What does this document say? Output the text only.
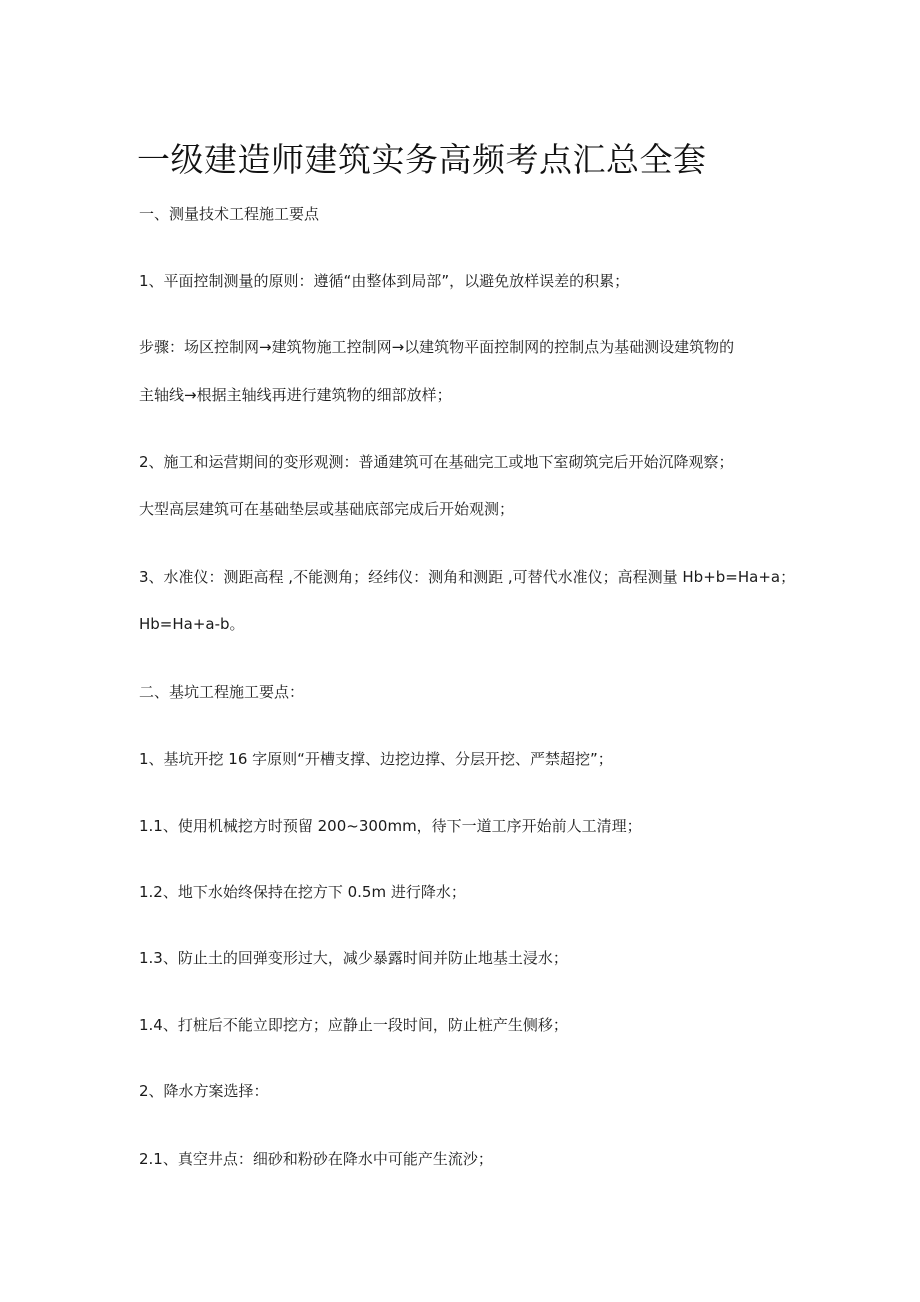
一级建造师建筑实务高频考点汇总全套
一、测量技术工程施工要点
1、平面控制测量的原则：遵循“由整体到局部”，以避免放样误差的积累；
步骤：场区控制网→建筑物施工控制网→以建筑物平面控制网的控制点为基础测设建筑物的
主轴线→根据主轴线再进行建筑物的细部放样；
2、施工和运营期间的变形观测：普通建筑可在基础完工或地下室砌筑完后开始沉降观察；
大型高层建筑可在基础垫层或基础底部完成后开始观测；
3、水准仪：测距高程 ,不能测角；经纬仪：测角和测距 ,可替代水准仪；高程测量 Hb+b=Ha+a；
Hb=Ha+a-b。
二、基坑工程施工要点：
1、基坑开挖 16 字原则“开槽支撑、边挖边撑、分层开挖、严禁超挖”；
1.1、使用机械挖方时预留 200~300mm，待下一道工序开始前人工清理；
1.2、地下水始终保持在挖方下 0.5m 进行降水；
1.3、防止土的回弹变形过大，减少暴露时间并防止地基土浸水；
1.4、打桩后不能立即挖方；应静止一段时间，防止桩产生侧移；
2、降水方案选择：
2.1、真空井点：细砂和粉砂在降水中可能产生流沙；
